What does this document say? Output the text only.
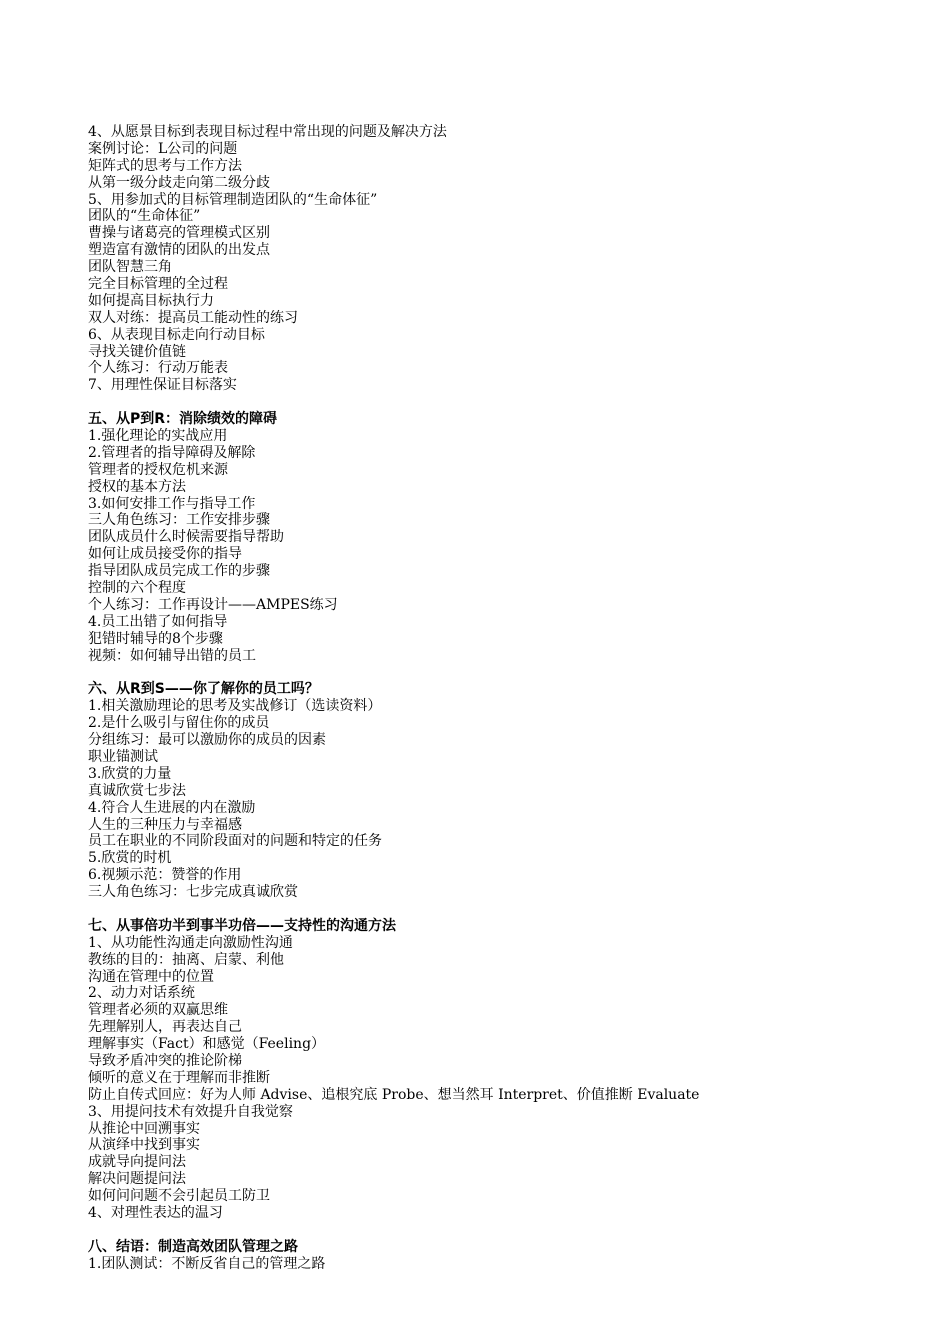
4、从愿景目标到表现目标过程中常出现的问题及解决方法
案例讨论：L公司的问题
矩阵式的思考与工作方法
从第一级分歧走向第二级分歧
5、用参加式的目标管理制造团队的“生命体征”
团队的“生命体征”
曹操与诸葛亮的管理模式区别
塑造富有激情的团队的出发点
团队智慧三角
完全目标管理的全过程
如何提高目标执行力
双人对练：提高员工能动性的练习
6、从表现目标走向行动目标
寻找关键价值链
个人练习：行动万能表
7、用理性保证目标落实
五、从P到R：消除绩效的障碍
1.强化理论的实战应用
2.管理者的指导障碍及解除
管理者的授权危机来源
授权的基本方法
3.如何安排工作与指导工作
三人角色练习：工作安排步骤
团队成员什么时候需要指导帮助
如何让成员接受你的指导
指导团队成员完成工作的步骤
控制的六个程度
个人练习：工作再设计——AMPES练习
4.员工出错了如何指导
犯错时辅导的8个步骤
视频：如何辅导出错的员工
六、从R到S——你了解你的员工吗？
1.相关激励理论的思考及实战修订（选读资料）
2.是什么吸引与留住你的成员
分组练习：最可以激励你的成员的因素
职业锚测试
3.欣赏的力量
真诚欣赏七步法
4.符合人生进展的内在激励
人生的三种压力与幸福感
员工在职业的不同阶段面对的问题和特定的任务
5.欣赏的时机
6.视频示范：赞誉的作用
三人角色练习：七步完成真诚欣赏
七、从事倍功半到事半功倍——支持性的沟通方法
1、从功能性沟通走向激励性沟通
教练的目的：抽离、启蒙、利他
沟通在管理中的位置
2、动力对话系统
管理者必须的双赢思维
先理解别人，再表达自己
理解事实（Fact）和感觉（Feeling）
导致矛盾冲突的推论阶梯
倾听的意义在于理解而非推断
防止自传式回应：好为人师 Advise、追根究底 Probe、想当然耳 Interpret、价值推断 Evaluate
3、用提问技术有效提升自我觉察
从推论中回溯事实
从演绎中找到事实
成就导向提问法
解决问题提问法
如何问问题不会引起员工防卫
4、对理性表达的温习
八、结语：制造高效团队管理之路
1.团队测试：不断反省自己的管理之路
